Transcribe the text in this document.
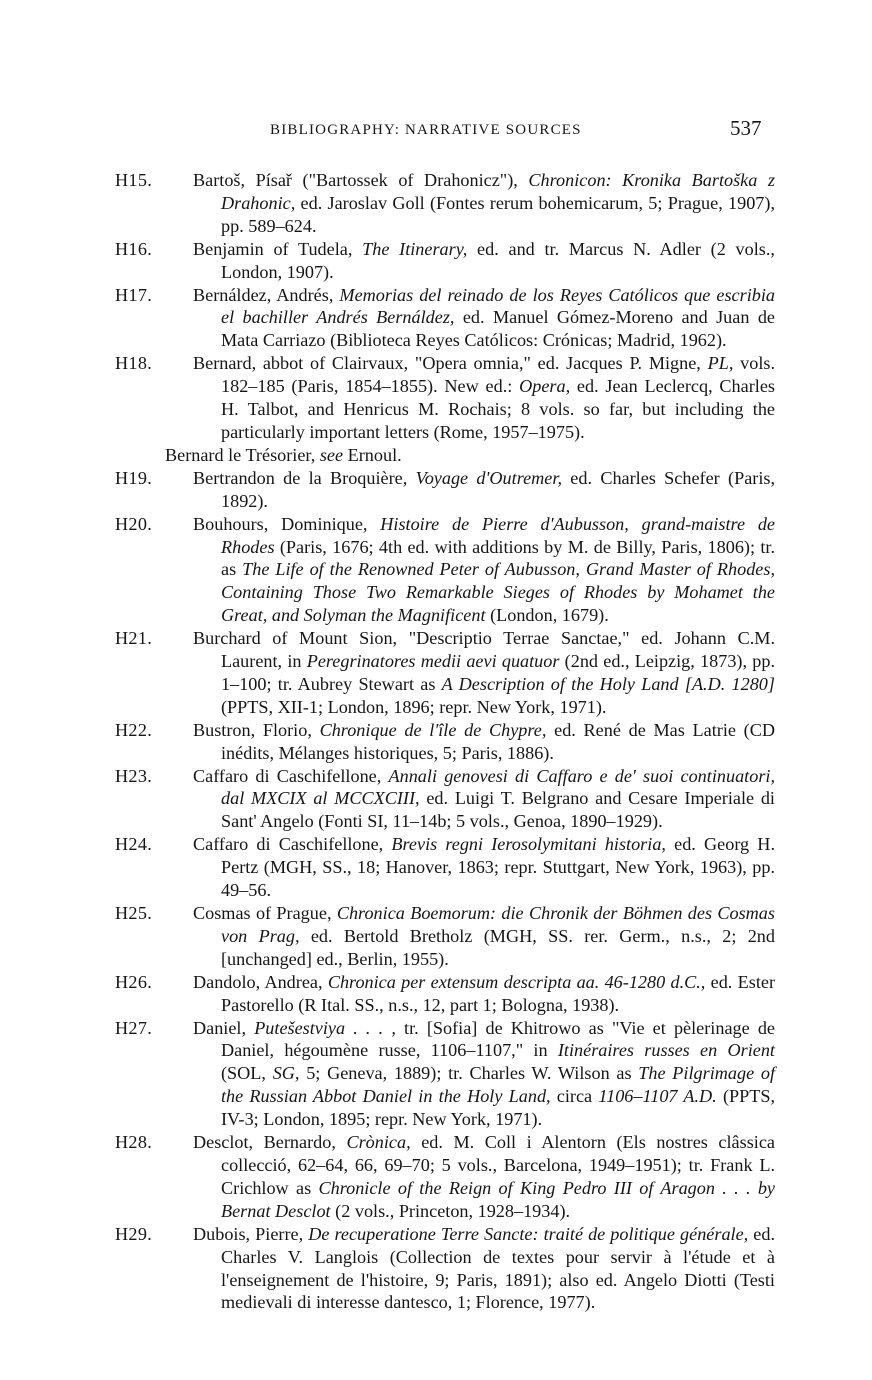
BIBLIOGRAPHY: NARRATIVE SOURCES	537
H15.	Bartoš, Písař ("Bartossek of Drahonicz"), Chronicon: Kronika Bartoška z Drahonic, ed. Jaroslav Goll (Fontes rerum bohemicarum, 5; Prague, 1907), pp. 589–624.
H16.	Benjamin of Tudela, The Itinerary, ed. and tr. Marcus N. Adler (2 vols., London, 1907).
H17.	Bernáldez, Andrés, Memorias del reinado de los Reyes Católicos que escribia el bachiller Andrés Bernáldez, ed. Manuel Gómez-Moreno and Juan de Mata Carriazo (Biblioteca Reyes Católicos: Crónicas; Madrid, 1962).
H18.	Bernard, abbot of Clairvaux, "Opera omnia," ed. Jacques P. Migne, PL, vols. 182–185 (Paris, 1854–1855). New ed.: Opera, ed. Jean Leclercq, Charles H. Talbot, and Henricus M. Rochais; 8 vols. so far, but including the particularly important letters (Rome, 1957–1975).
Bernard le Trésorier, see Ernoul.
H19.	Bertrandon de la Broquière, Voyage d'Outremer, ed. Charles Schefer (Paris, 1892).
H20.	Bouhours, Dominique, Histoire de Pierre d'Aubusson, grand-maistre de Rhodes (Paris, 1676; 4th ed. with additions by M. de Billy, Paris, 1806); tr. as The Life of the Renowned Peter of Aubusson, Grand Master of Rhodes, Containing Those Two Remarkable Sieges of Rhodes by Mohamet the Great, and Solyman the Magnificent (London, 1679).
H21.	Burchard of Mount Sion, "Descriptio Terrae Sanctae," ed. Johann C.M. Laurent, in Peregrinatores medii aevi quatuor (2nd ed., Leipzig, 1873), pp. 1–100; tr. Aubrey Stewart as A Description of the Holy Land [A.D. 1280] (PPTS, XII-1; London, 1896; repr. New York, 1971).
H22.	Bustron, Florio, Chronique de l'île de Chypre, ed. René de Mas Latrie (CD inédits, Mélanges historiques, 5; Paris, 1886).
H23.	Caffaro di Caschifellone, Annali genovesi di Caffaro e de' suoi continuatori, dal MXCIX al MCCXCIII, ed. Luigi T. Belgrano and Cesare Imperiale di Sant' Angelo (Fonti SI, 11–14b; 5 vols., Genoa, 1890–1929).
H24.	Caffaro di Caschifellone, Brevis regni Ierosolymitani historia, ed. Georg H. Pertz (MGH, SS., 18; Hanover, 1863; repr. Stuttgart, New York, 1963), pp. 49–56.
H25.	Cosmas of Prague, Chronica Boemorum: die Chronik der Böhmen des Cosmas von Prag, ed. Bertold Bretholz (MGH, SS. rer. Germ., n.s., 2; 2nd [unchanged] ed., Berlin, 1955).
H26.	Dandolo, Andrea, Chronica per extensum descripta aa. 46-1280 d.C., ed. Ester Pastorello (R Ital. SS., n.s., 12, part 1; Bologna, 1938).
H27.	Daniel, Putešestviya . . . , tr. [Sofia] de Khitrowo as "Vie et pèlerinage de Daniel, hégoumène russe, 1106–1107," in Itinéraires russes en Orient (SOL, SG, 5; Geneva, 1889); tr. Charles W. Wilson as The Pilgrimage of the Russian Abbot Daniel in the Holy Land, circa 1106–1107 A.D. (PPTS, IV-3; London, 1895; repr. New York, 1971).
H28.	Desclot, Bernardo, Crònica, ed. M. Coll i Alentorn (Els nostres clâssica collecció, 62–64, 66, 69–70; 5 vols., Barcelona, 1949–1951); tr. Frank L. Crichlow as Chronicle of the Reign of King Pedro III of Aragon . . . by Bernat Desclot (2 vols., Princeton, 1928–1934).
H29.	Dubois, Pierre, De recuperatione Terre Sancte: traité de politique générale, ed. Charles V. Langlois (Collection de textes pour servir à l'étude et à l'enseignement de l'histoire, 9; Paris, 1891); also ed. Angelo Diotti (Testi medievali di interesse dantesco, 1; Florence, 1977).
